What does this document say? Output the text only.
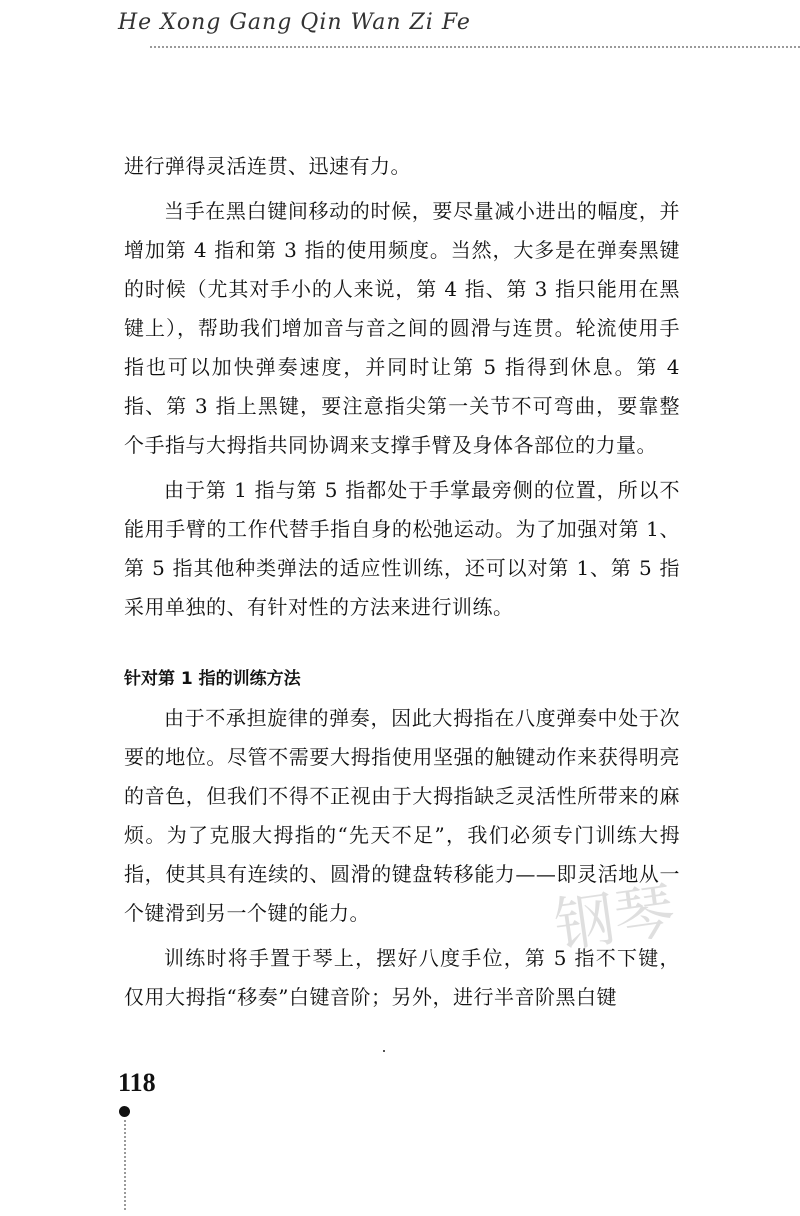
He Xong Gang Qin Wan Zi Fe

进行弹得灵活连贯、迅速有力。

当手在黑白键间移动的时候，要尽量减小进出的幅度，并增加第 4 指和第 3 指的使用频度。当然，大多是在弹奏黑键的时候（尤其对手小的人来说，第 4 指、第 3 指只能用在黑键上），帮助我们增加音与音之间的圆滑与连贯。轮流使用手指也可以加快弹奏速度，并同时让第 5 指得到休息。第 4 指、第 3 指上黑键，要注意指尖第一关节不可弯曲，要靠整个手指与大拇指共同协调来支撑手臂及身体各部位的力量。

由于第 1 指与第 5 指都处于手掌最旁侧的位置，所以不能用手臂的工作代替手指自身的松弛运动。为了加强对第 1、第 5 指其他种类弹法的适应性训练，还可以对第 1、第 5 指采用单独的、有针对性的方法来进行训练。

针对第 1 指的训练方法

由于不承担旋律的弹奏，因此大拇指在八度弹奏中处于次要的地位。尽管不需要大拇指使用坚强的触键动作来获得明亮的音色，但我们不得不正视由于大拇指缺乏灵活性所带来的麻烦。为了克服大拇指的“先天不足”，我们必须专门训练大拇指，使其具有连续的、圆滑的键盘转移能力——即灵活地从一个键滑到另一个键的能力。

训练时将手置于琴上，摆好八度手位，第 5 指不下键，仅用大拇指“移奏”白键音阶；另外，进行半音阶黑白键

钢琴
118
